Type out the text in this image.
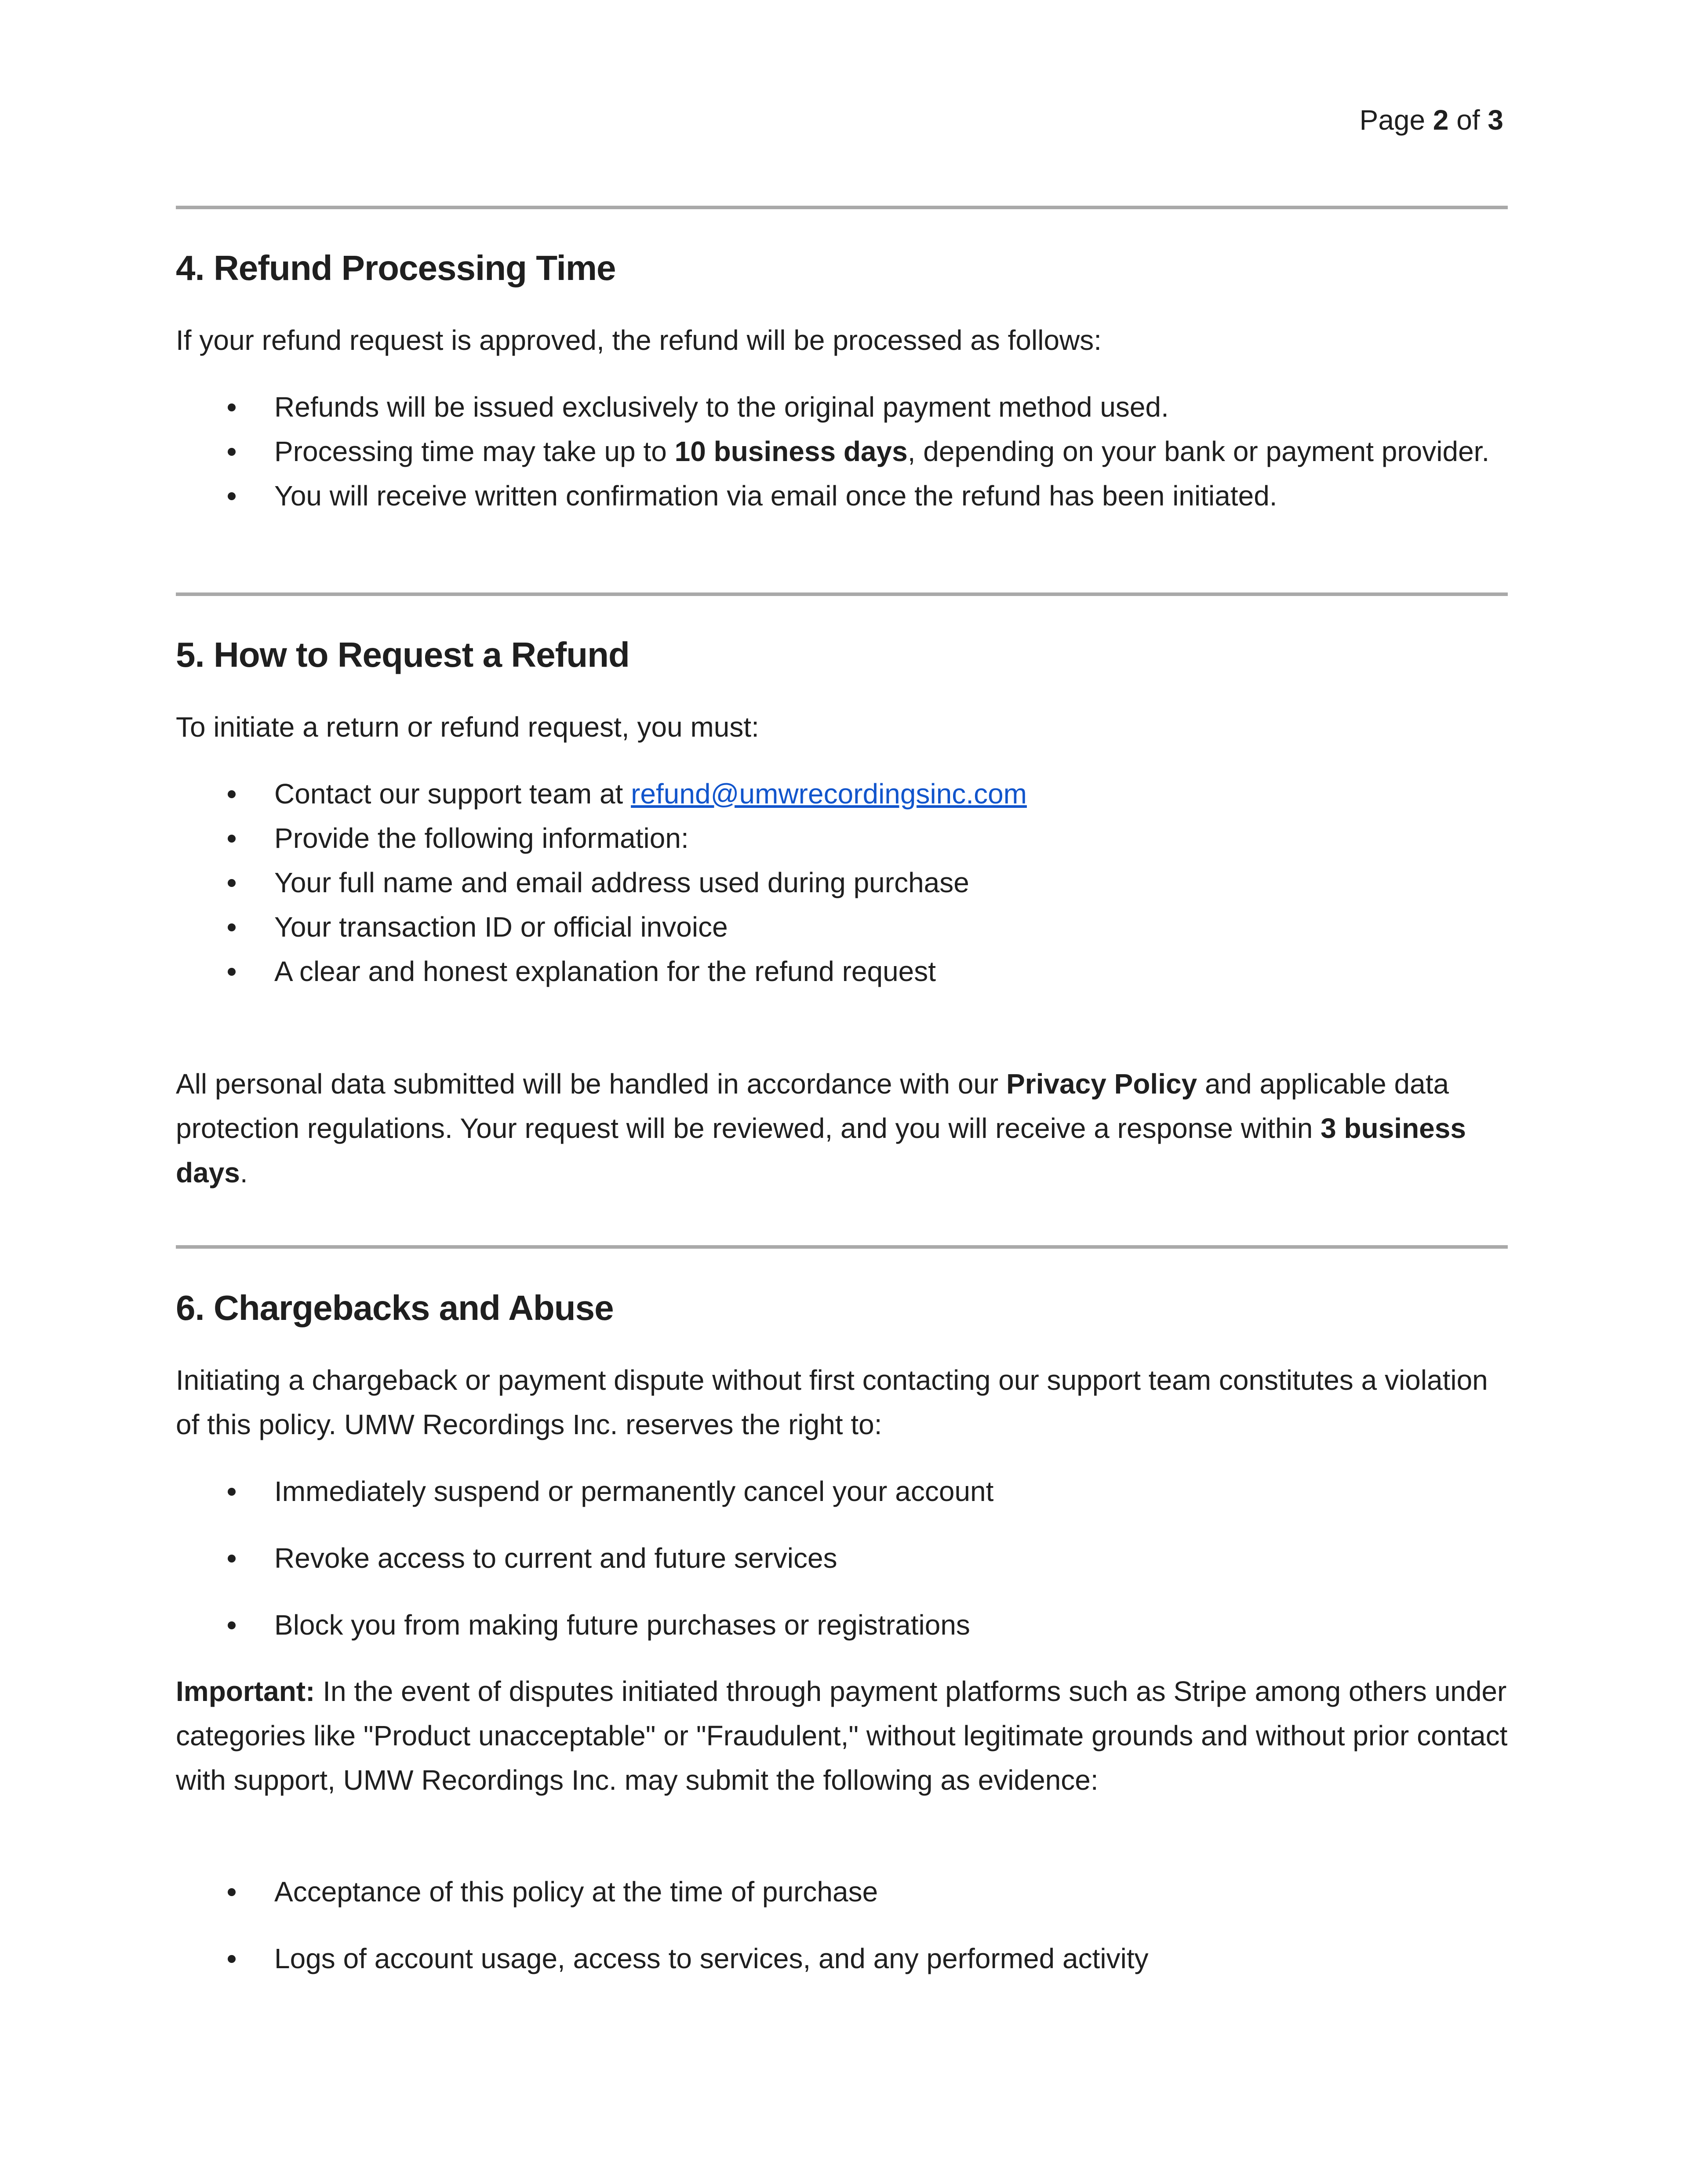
Page 2 of 3
4. Refund Processing Time

If your refund request is approved, the refund will be processed as follows:

Refunds will be issued exclusively to the original payment method used.
Processing time may take up to 10 business days, depending on your bank or payment provider.
You will receive written confirmation via email once the refund has been initiated.
5. How to Request a Refund

To initiate a return or refund request, you must:

Contact our support team at refund@umwrecordingsinc.com
Provide the following information:
Your full name and email address used during purchase
Your transaction ID or official invoice
A clear and honest explanation for the refund request

All personal data submitted will be handled in accordance with our Privacy Policy and applicable data protection regulations. Your request will be reviewed, and you will receive a response within 3 business days.

6. Chargebacks and Abuse

Initiating a chargeback or payment dispute without first contacting our support team constitutes a violation of this policy. UMW Recordings Inc. reserves the right to:

Immediately suspend or permanently cancel your account
Revoke access to current and future services
Block you from making future purchases or registrations

Important: In the event of disputes initiated through payment platforms such as Stripe among others under categories like "Product unacceptable" or "Fraudulent," without legitimate grounds and without prior contact with support, UMW Recordings Inc. may submit the following as evidence:

Acceptance of this policy at the time of purchase
Logs of account usage, access to services, and any performed activity
